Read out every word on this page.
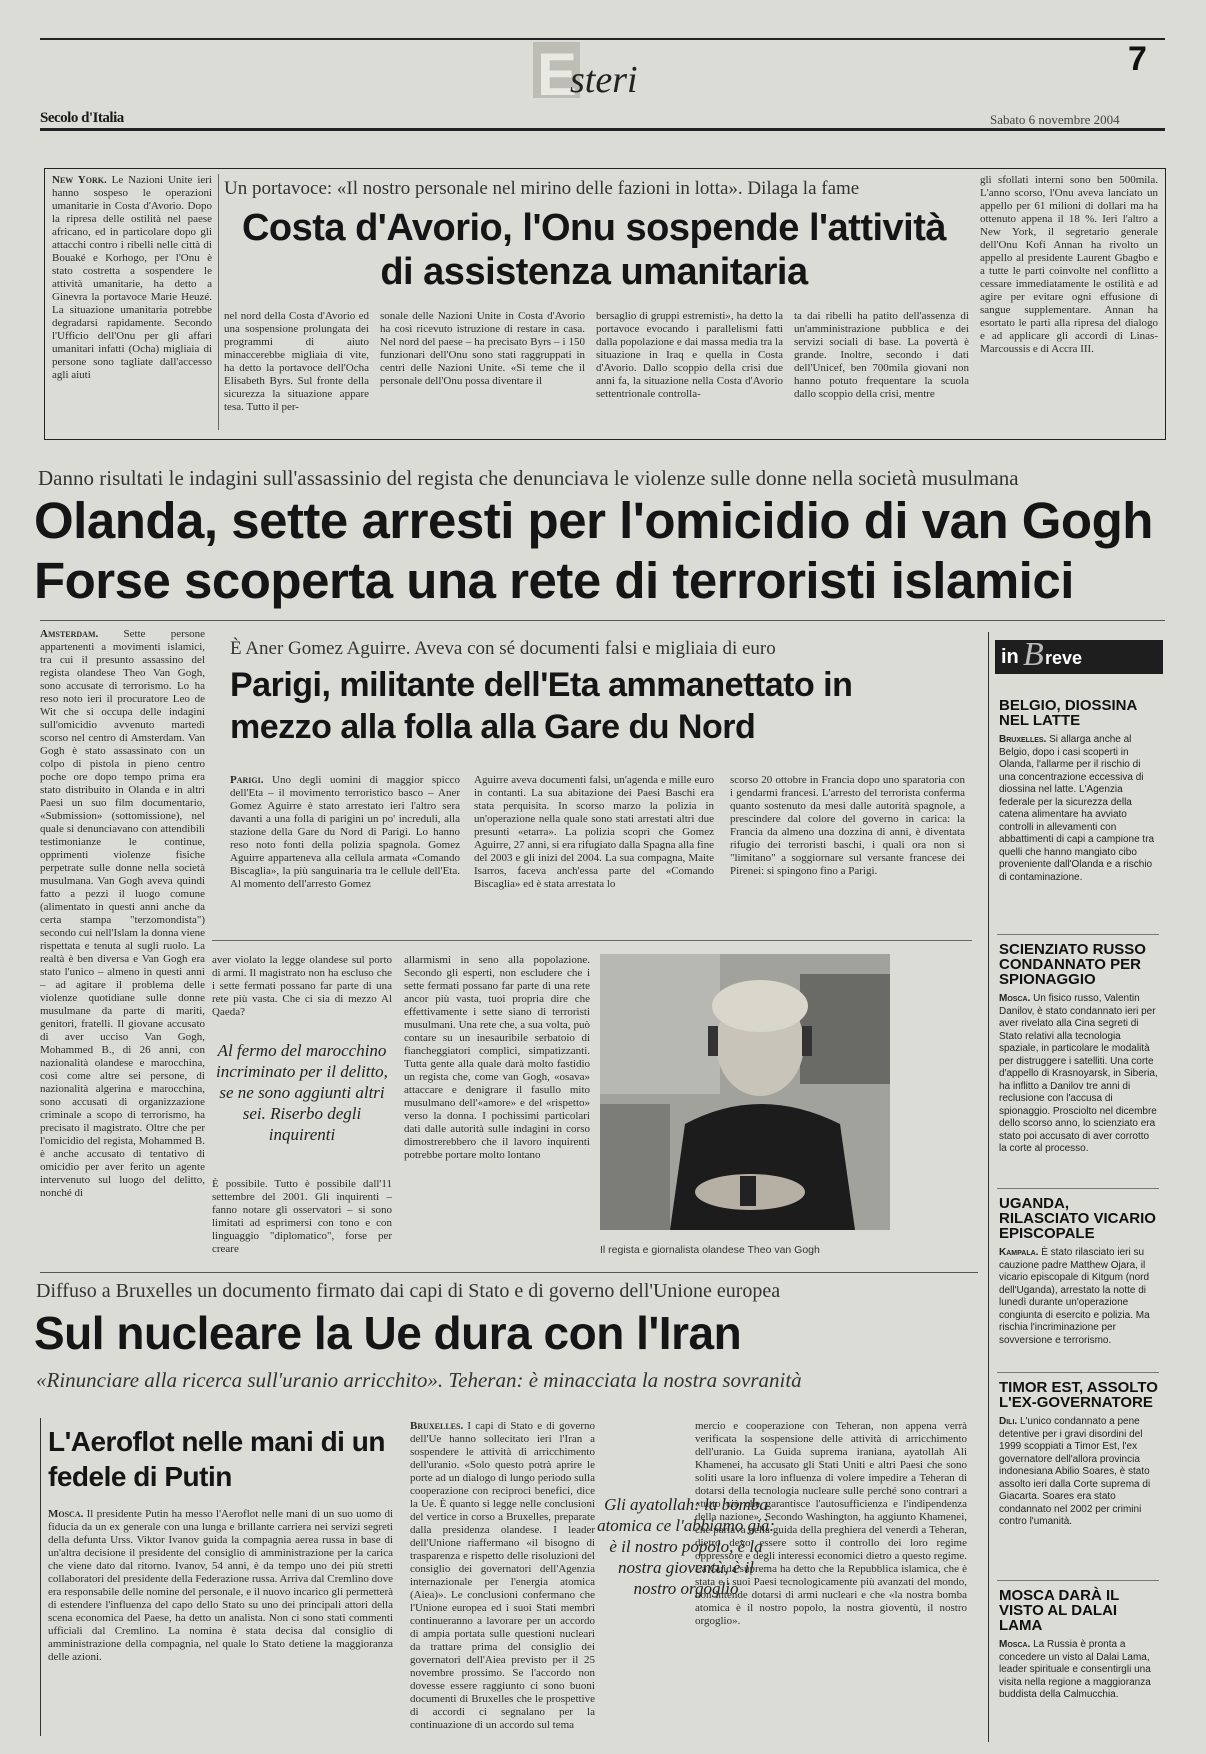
E
steri	7
Secolo d'Italia	Sabato 6 novembre 2004
New York. Le Nazioni Unite ieri hanno sospeso le operazioni umanitarie in Costa d'Avorio. Dopo la ripresa delle ostilità nel paese africano, ed in particolare dopo gli attacchi contro i ribelli nelle città di Bouaké e Korhogo, per l'Onu è stato costretta a sospendere le attività umanitarie, ha detto a Ginevra la portavoce Marie Heuzé. La situazione umanitaria potrebbe degradarsi rapidamente. Secondo l'Ufficio dell'Onu per gli affari umanitari infatti (Ocha) migliaia di persone sono tagliate dall'accesso agli aiuti
Un portavoce: «Il nostro personale nel mirino delle fazioni in lotta». Dilaga la fame
Costa d'Avorio, l'Onu sospende l'attività di assistenza umanitaria
nel nord della Costa d'Avorio ed una sospensione prolungata dei programmi di aiuto minaccerebbe migliaia di vite, ha detto la portavoce dell'Ocha Elisabeth Byrs. Sul fronte della sicurezza la situazione appare tesa. Tutto il per-
sonale delle Nazioni Unite in Costa d'Avorio ha così ricevuto istruzione di restare in casa. Nel nord del paese – ha precisato Byrs – i 150 funzionari dell'Onu sono stati raggruppati in centri delle Nazioni Unite. «Si teme che il personale dell'Onu possa diventare il
bersaglio di gruppi estremisti», ha detto la portavoce evocando i parallelismi fatti dalla popolazione e dai massa media tra la situazione in Iraq e quella in Costa d'Avorio. Dallo scoppio della crisi due anni fa, la situazione nella Costa d'Avorio settentrionale controlla-
ta dai ribelli ha patito dell'assenza di un'amministrazione pubblica e dei servizi sociali di base. La povertà è grande. Inoltre, secondo i dati dell'Unicef, ben 700mila giovani non hanno potuto frequentare la scuola dallo scoppio della crisi, mentre
gli sfollati interni sono ben 500mila. L'anno scorso, l'Onu aveva lanciato un appello per 61 milioni di dollari ma ha ottenuto appena il 18 %. Ieri l'altro a New York, il segretario generale dell'Onu Kofi Annan ha rivolto un appello al presidente Laurent Gbagbo e a tutte le parti coinvolte nel conflitto a cessare immediatamente le ostilità e ad agire per evitare ogni effusione di sangue supplementare. Annan ha esortato le parti alla ripresa del dialogo e ad applicare gli accordi di Linas-Marcoussis e di Accra III.
Danno risultati le indagini sull'assassinio del regista che denunciava le violenze sulle donne nella società musulmana
Olanda, sette arresti per l'omicidio di van Gogh
Forse scoperta una rete di terroristi islamici
Amsterdam. Sette persone appartenenti a movimenti islamici, tra cui il presunto assassino del regista olandese Theo Van Gogh, sono accusate di terrorismo. Lo ha reso noto ieri il procuratore Leo de Wit che si occupa delle indagini sull'omicidio avvenuto martedì scorso nel centro di Amsterdam. Van Gogh è stato assassinato con un colpo di pistola in pieno centro poche ore dopo tempo prima era stato distribuito in Olanda e in altri Paesi un suo film documentario, «Submission» (sottomissione), nel quale si denunciavano con attendibili testimonianze le continue, opprimenti violenze fisiche perpetrate sulle donne nella società musulmana. Van Gogh aveva quindi fatto a pezzi il luogo comune (alimentato in questi anni anche da certa stampa "terzomondista") secondo cui nell'Islam la donna viene rispettata e tenuta al sugli ruolo. La realtà è ben diversa e Van Gogh era stato l'unico – almeno in questi anni – ad agitare il problema delle violenze quotidiane sulle donne musulmane da parte di mariti, genitori, fratelli. Il giovane accusato di aver ucciso Van Gogh, Mohammed B., di 26 anni, con nazionalità olandese e marocchina, così come altre sei persone, di nazionalità algerina e marocchina, sono accusati di organizzazione criminale a scopo di terrorismo, ha precisato il magistrato. Oltre che per l'omicidio del regista, Mohammed B. è anche accusato di tentativo di omicidio per aver ferito un agente intervenuto sul luogo del delitto, nonché di
aver violato la legge olandese sul porto di armi. Il magistrato non ha escluso che i sette fermati possano far parte di una rete più vasta. Che ci sia di mezzo Al Qaeda?
Al fermo del marocchino incriminato per il delitto, se ne sono aggiunti altri sei. Riserbo degli inquirenti
È possibile. Tutto è possibile dall'11 settembre del 2001. Gli inquirenti – fanno notare gli osservatori – si sono limitati ad esprimersi con tono e con linguaggio "diplomatico", forse per creare
allarmismi in seno alla popolazione. Secondo gli esperti, non escludere che i sette fermati possano far parte di una rete ancor più vasta, tuoi propria dire che effettivamente i sette siano di terroristi musulmani. Una rete che, a sua volta, può contare su un inesauribile serbatoio di fiancheggiatori complici, simpatizzanti. Tutta gente alla quale darà molto fastidio un regista che, come van Gogh, «osava» attaccare e denigrare il fasullo mito musulmano dell'«amore» e del «rispetto» verso la donna. I pochissimi particolari dati dalle autorità sulle indagini in corso dimostrerebbero che il lavoro inquirenti potrebbe portare molto lontano
Il regista e giornalista olandese Theo van Gogh
È Aner Gomez Aguirre. Aveva con sé documenti falsi e migliaia di euro
Parigi, militante dell'Eta ammanettato in mezzo alla folla alla Gare du Nord
Parigi. Uno degli uomini di maggior spicco dell'Eta – il movimento terroristico basco – Aner Gomez Aguirre è stato arrestato ieri l'altro sera davanti a una folla di parigini un po' increduli, alla stazione della Gare du Nord di Parigi. Lo hanno reso noto fonti della polizia spagnola. Gomez Aguirre apparteneva alla cellula armata «Comando Biscaglia», la più sanguinaria tra le cellule dell'Eta. Al momento dell'arresto Gomez
Aguirre aveva documenti falsi, un'agenda e mille euro in contanti. La sua abitazione dei Paesi Baschi era stata perquisita. In scorso marzo la polizia in un'operazione nella quale sono stati arrestati altri due presunti «etarra». La polizia scoprì che Gomez Aguirre, 27 anni, si era rifugiato dalla Spagna alla fine del 2003 e gli inizi del 2004. La sua compagna, Maite Isarros, faceva anch'essa parte del «Comando Biscaglia» ed è stata arrestata lo
scorso 20 ottobre in Francia dopo uno sparatoria con i gendarmi francesi. L'arresto del terrorista conferma quanto sostenuto da mesi dalle autorità spagnole, a prescindere dal colore del governo in carica: la Francia da almeno una dozzina di anni, è diventata rifugio dei terroristi baschi, i quali ora non si "limitano" a soggiornare sul versante francese dei Pirenei: si spingono fino a Parigi.
in B reve
BELGIO, DIOSSINA NEL LATTE
Bruxelles. Si allarga anche al Belgio, dopo i casi scoperti in Olanda, l'allarme per il rischio di una concentrazione eccessiva di diossina nel latte. L'Agenzia federale per la sicurezza della catena alimentare ha avviato controlli in allevamenti con abbattimenti di capi a campione tra quelli che hanno mangiato cibo proveniente dall'Olanda e a rischio di contaminazione.
SCIENZIATO RUSSO CONDANNATO PER SPIONAGGIO
Mosca. Un fisico russo, Valentin Danilov, è stato condannato ieri per aver rivelato alla Cina segreti di Stato relativi alla tecnologia spaziale, in particolare le modalità per distruggere i satelliti. Una corte d'appello di Krasnoyarsk, in Siberia, ha inflitto a Danilov tre anni di reclusione con l'accusa di spionaggio. Prosciolto nel dicembre dello scorso anno, lo scienziato era stato poi accusato di aver corrotto la corte al processo.
UGANDA, RILASCIATO VICARIO EPISCOPALE
Kampala. È stato rilasciato ieri su cauzione padre Matthew Ojara, il vicario episcopale di Kitgum (nord dell'Uganda), arrestato la notte di lunedì durante un'operazione congiunta di esercito e polizia. Ma rischia l'incriminazione per sovversione e terrorismo.
TIMOR EST, ASSOLTO L'EX-GOVERNATORE
Dili. L'unico condannato a pene detentive per i gravi disordini del 1999 scoppiati a Timor Est, l'ex governatore dell'allora provincia indonesiana Abilio Soares, è stato assolto ieri dalla Corte suprema di Giacarta. Soares era stato condannato nel 2002 per crimini contro l'umanità.
MOSCA DARÀ IL VISTO AL DALAI LAMA
Mosca. La Russia è pronta a concedere un visto al Dalai Lama, leader spirituale e consentirgli una visita nella regione a maggioranza buddista della Calmucchia.
Diffuso a Bruxelles un documento firmato dai capi di Stato e di governo dell'Unione europea
Sul nucleare la Ue dura con l'Iran
«Rinunciare alla ricerca sull'uranio arricchito». Teheran: è minacciata la nostra sovranità
Bruxelles. I capi di Stato e di governo dell'Ue hanno sollecitato ieri l'Iran a sospendere le attività di arricchimento dell'uranio. «Solo questo potrà aprire le porte ad un dialogo di lungo periodo sulla cooperazione con reciproci benefici, dice la Ue. È quanto si legge nelle conclusioni del vertice in corso a Bruxelles, preparate dalla presidenza olandese. I leader dell'Unione riaffermano «il bisogno di trasparenza e rispetto delle risoluzioni del consiglio dei governatori dell'Agenzia internazionale per l'energia atomica (Aiea)». Le conclusioni confermano che l'Unione europea ed i suoi Stati membri continueranno a lavorare per un accordo di ampia portata sulle questioni nucleari da trattare prima del consiglio dei governatori dell'Aiea previsto per il 25 novembre prossimo. Se l'accordo non dovesse essere raggiunto ci sono buoni documenti di Bruxelles che le prospettive di accordi ci segnalano per la continuazione di un accordo sul tema
Gli ayatollah: la bomba atomica ce l'abbiamo già: è il nostro popolo, è la nostra gioventù, è il nostro orgoglio
mercio e cooperazione con Teheran, non appena verrà verificata la sospensione delle attività di arricchimento dell'uranio. La Guida suprema iraniana, ayatollah Ali Khamenei, ha accusato gli Stati Uniti e altri Paesi che sono soliti usare la loro influenza di volere impedire a Teheran di dotarsi della tecnologia nucleare sulle perché sono contrari a «tutto ciò che garantisce l'autosufficienza e l'indipendenza della nazione». Secondo Washington, ha aggiunto Khamenei, che parlava nella guida della preghiera del venerdì a Teheran, dietro devo essere sotto il controllo dei loro regime oppressore e degli interessi economici dietro a questo regime. La Guida suprema ha detto che la Repubblica islamica, che è stata e i suoi Paesi tecnologicamente più avanzati del mondo, non intende dotarsi di armi nucleari e che «la nostra bomba atomica è il nostro popolo, la nostra gioventù, il nostro orgoglio».
L'Aeroflot nelle mani di un fedele di Putin
Mosca. Il presidente Putin ha messo l'Aeroflot nelle mani di un suo uomo di fiducia da un ex generale con una lunga e brillante carriera nei servizi segreti della defunta Urss. Viktor Ivanov guida la compagnia aerea russa in base di un'altra decisione il presidente del consiglio di amministrazione per la carica che viene dato dal ritorno. Ivanov, 54 anni, è da tempo uno dei più stretti collaboratori del presidente della Federazione russa. Arriva dal Cremlino dove era responsabile delle nomine del personale, e il nuovo incarico gli permetterà di estendere l'influenza del capo dello Stato su uno dei principali attori della scena economica del Paese, ha detto un analista. Non ci sono stati commenti ufficiali dal Cremlino. La nomina è stata decisa dal consiglio di amministrazione della compagnia, nel quale lo Stato detiene la maggioranza delle azioni.
